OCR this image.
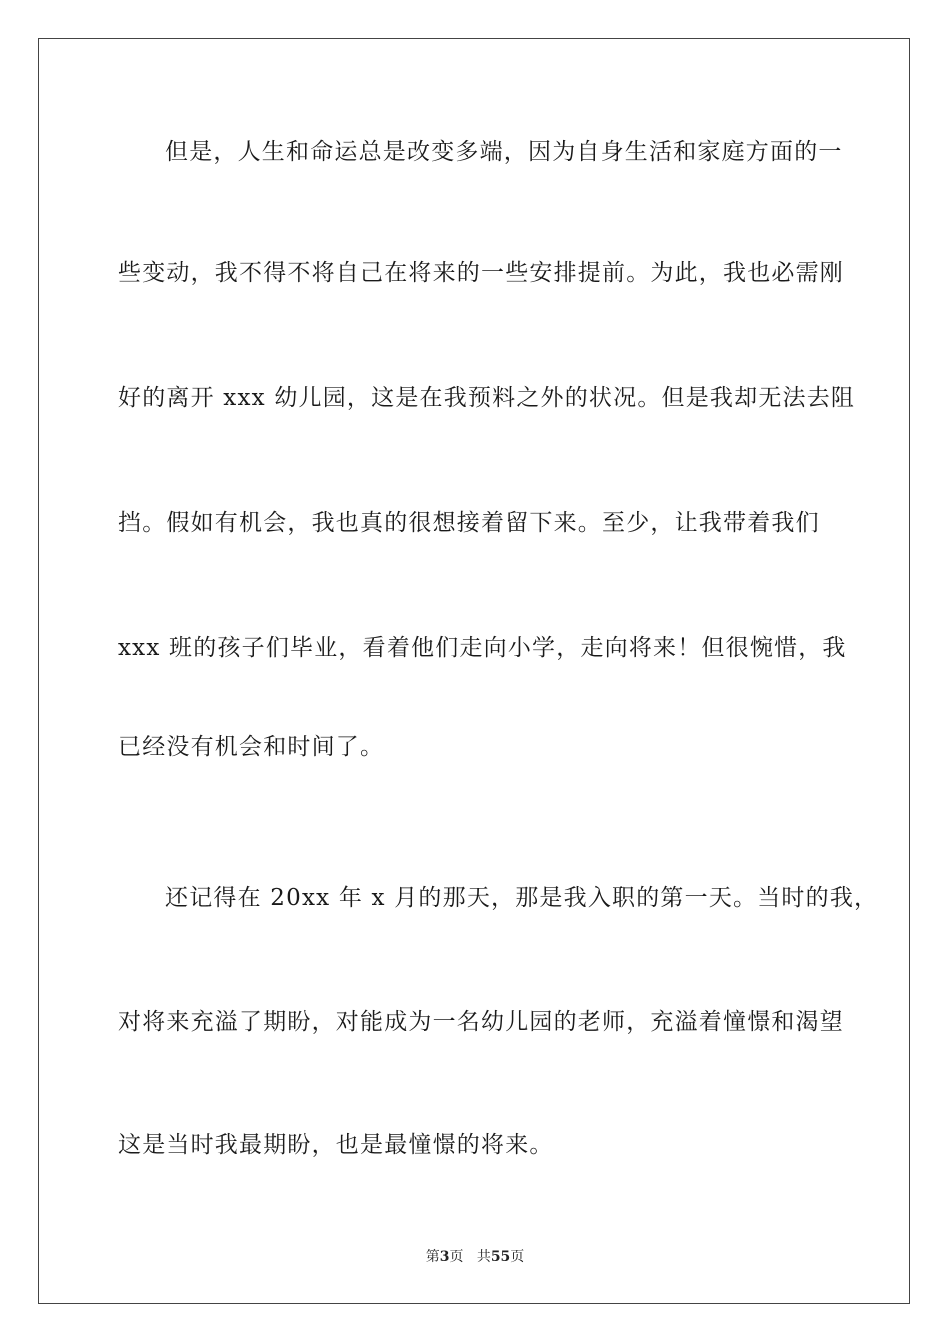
但是，人生和命运总是改变多端，因为自身生活和家庭方面的一
些变动，我不得不将自己在将来的一些安排提前。为此，我也必需刚
好的离开 xxx 幼儿园，这是在我预料之外的状况。但是我却无法去阻
挡。假如有机会，我也真的很想接着留下来。至少，让我带着我们
xxx 班的孩子们毕业，看着他们走向小学，走向将来！但很惋惜，我
已经没有机会和时间了。
还记得在 20xx 年 x 月的那天，那是我入职的第一天。当时的我，
对将来充溢了期盼，对能成为一名幼儿园的老师，充溢着憧憬和渴望
这是当时我最期盼，也是最憧憬的将来。
第3页 共55页
